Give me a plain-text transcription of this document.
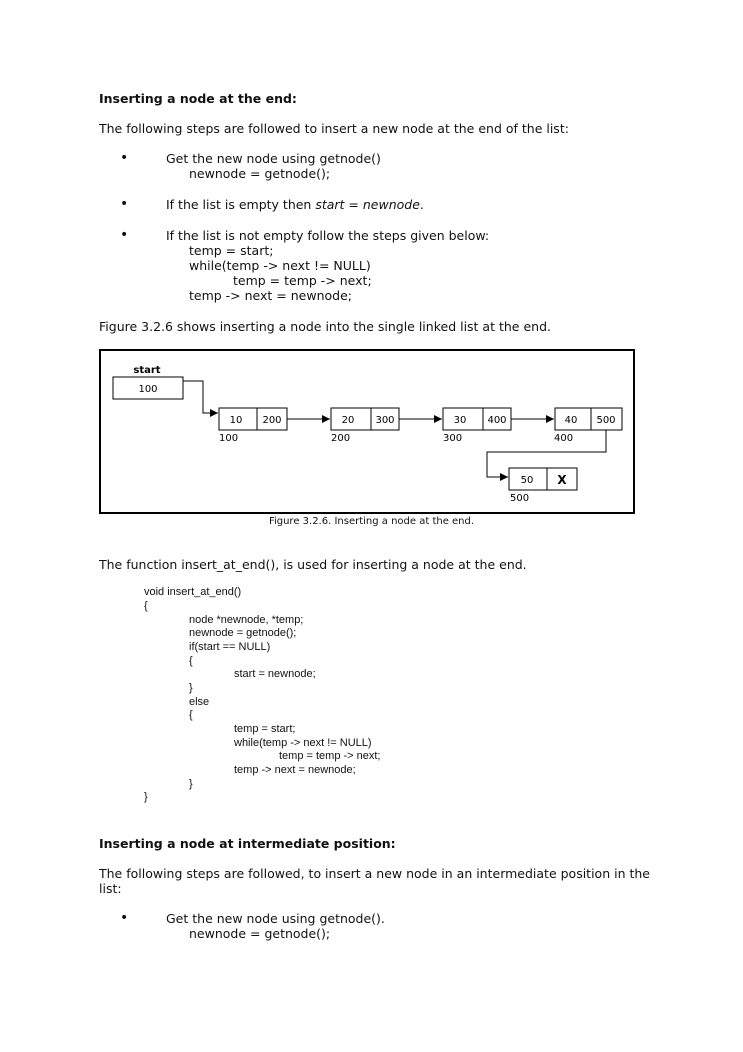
Inserting a node at the end:
The following steps are followed to insert a new node at the end of the list:
•	Get the new node using getnode()
newnode = getnode();
•	If the list is empty then start = newnode.
•	If the list is not empty follow the steps given below:
temp = start;
while(temp -> next != NULL)
temp = temp -> next;
temp -> next = newnode;
Figure 3.2.6 shows inserting a node into the single linked list at the end.
start
100
10 200
100
20 300
200
30 400
300
40 500
400
50 X
500
Figure 3.2.6. Inserting a node at the end.
The function insert_at_end(), is used for inserting a node at the end.
void insert_at_end()
{
node *newnode, *temp;
newnode = getnode();
if(start == NULL)
{
start = newnode;
}
else
{
temp = start;
while(temp -> next != NULL)
temp = temp -> next;
temp -> next = newnode;
}
}
Inserting a node at intermediate position:
The following steps are followed, to insert a new node in an intermediate position in the
list:
•	Get the new node using getnode().
newnode = getnode();
